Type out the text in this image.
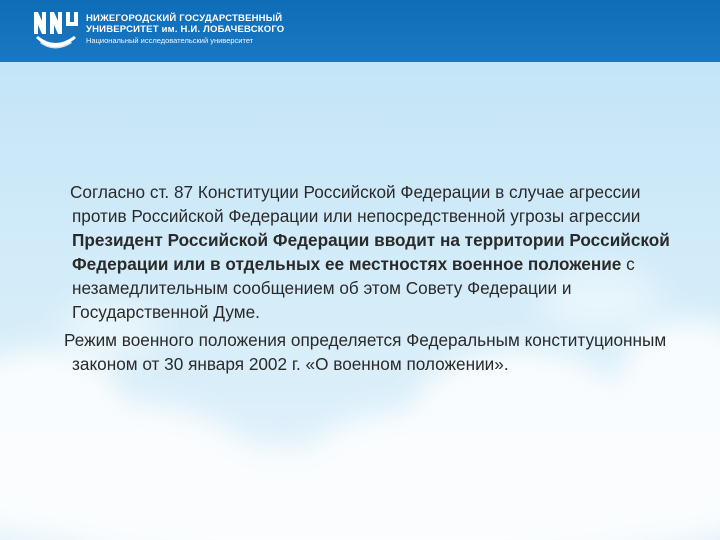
НИЖЕГОРОДСКИЙ ГОСУДАРСТВЕННЫЙ
УНИВЕРСИТЕТ им. Н.И. ЛОБАЧЕВСКОГО
Национальный исследовательский университет

Согласно ст. 87 Конституции Российской Федерации в случае агрессии против Российской Федерации или непосредственной угрозы агрессии Президент Российской Федерации вводит на территории Российской Федерации или в отдельных ее местностях военное положение с незамедлительным сообщением об этом Совету Федерации и Государственной Думе.

Режим военного положения определяется Федеральным конституционным законом от 30 января 2002 г. «О военном положении».
